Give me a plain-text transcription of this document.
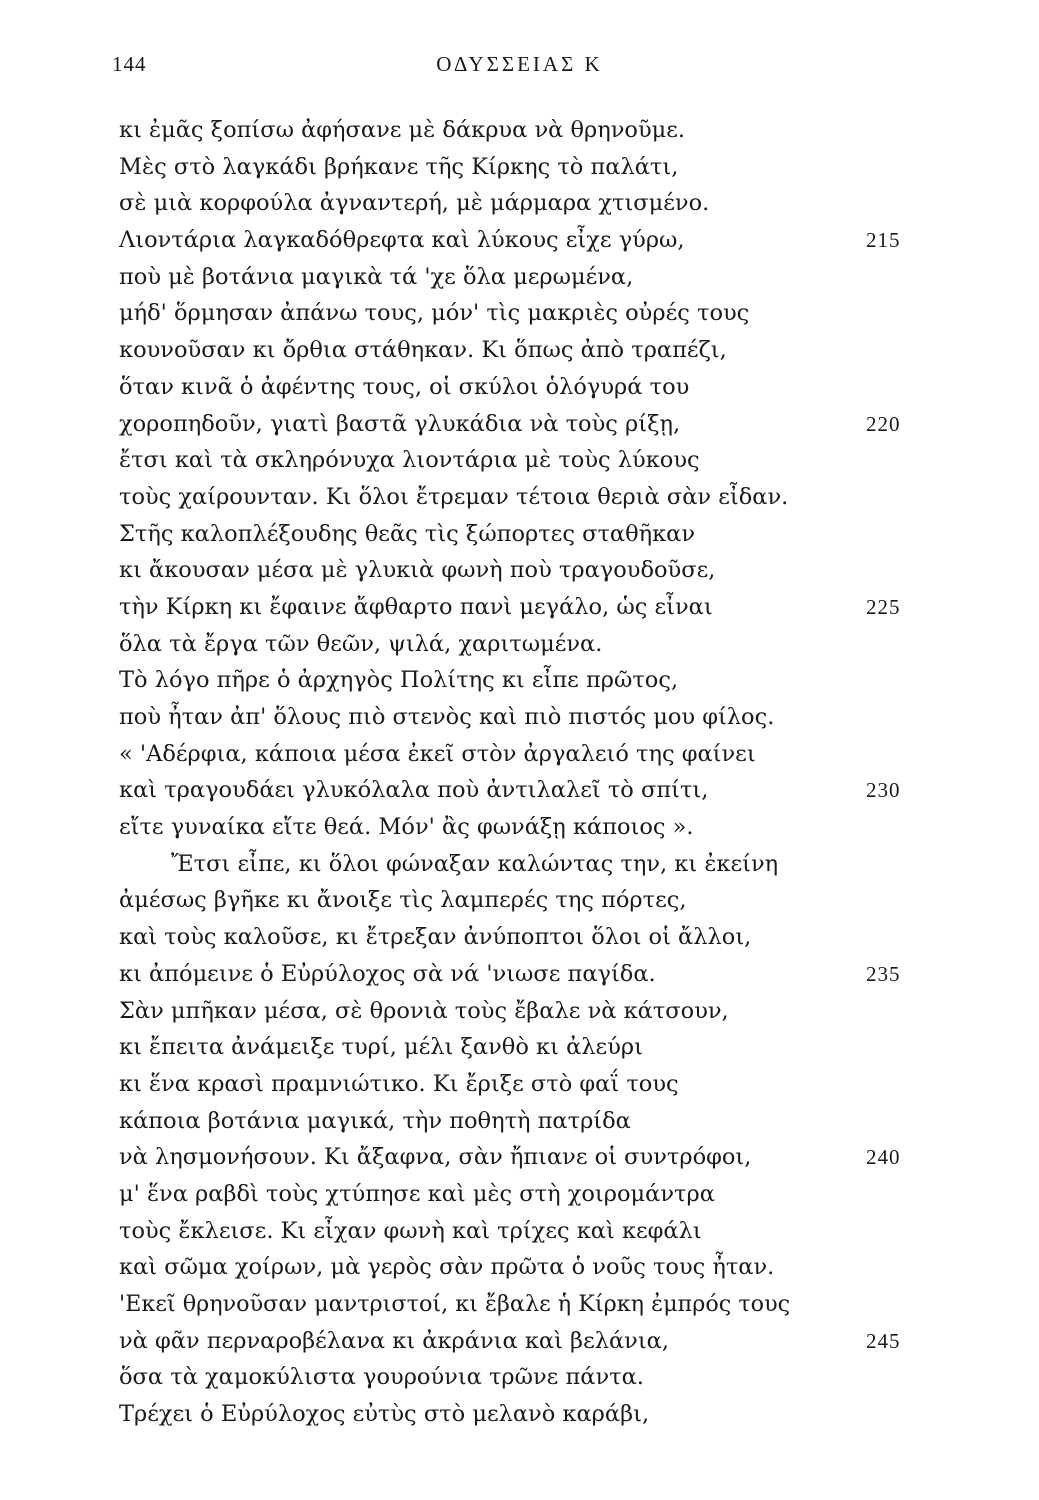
144	ΟΔΥΣΣΕΙΑΣ Κ
κι ἐμᾶς ξοπίσω ἀφήσανε μὲ δάκρυα νὰ θρηνοῦμε.
Μὲς στὸ λαγκάδι βρήκανε τῆς Κίρκης τὸ παλάτι,
σὲ μιὰ κορφούλα ἀγναντερή, μὲ μάρμαρα χτισμένο.
Λιοντάρια λαγκαδόθρεφτα καὶ λύκους εἶχε γύρω,	215
ποὺ μὲ βοτάνια μαγικὰ τά 'χε ὅλα μερωμένα,
μήδ' ὅρμησαν ἀπάνω τους, μόν' τὶς μακριὲς οὐρές τους
κουνοῦσαν κι ὄρθια στάθηκαν. Κι ὅπως ἀπὸ τραπέζι,
ὅταν κινᾶ ὁ ἀφέντης τους, οἱ σκύλοι ὁλόγυρά του
χοροπηδοῦν, γιατὶ βαστᾶ γλυκάδια νὰ τοὺς ρίξῃ,	220
ἔτσι καὶ τὰ σκληρόνυχα λιοντάρια μὲ τοὺς λύκους
τοὺς χαίρουνταν. Κι ὅλοι ἔτρεμαν τέτοια θεριὰ σὰν εἶδαν.
Στῆς καλοπλέξουδης θεᾶς τὶς ξώπορτες σταθῆκαν
κι ἄκουσαν μέσα μὲ γλυκιὰ φωνὴ ποὺ τραγουδοῦσε,
τὴν Κίρκη κι ἔφαινε ἄφθαρτο πανὶ μεγάλο, ὡς εἶναι	225
ὅλα τὰ ἔργα τῶν θεῶν, ψιλά, χαριτωμένα.
Τὸ λόγο πῆρε ὁ ἀρχηγὸς Πολίτης κι εἶπε πρῶτος,
ποὺ ἦταν ἀπ' ὅλους πιὸ στενὸς καὶ πιὸ πιστός μου φίλος.
« 'Αδέρφια, κάποια μέσα ἐκεῖ στὸν ἀργαλειό της φαίνει
καὶ τραγουδάει γλυκόλαλα ποὺ ἀντιλαλεῖ τὸ σπίτι,	230
εἴτε γυναίκα εἴτε θεά. Μόν' ἂς φωνάξῃ κάποιος ».
Ἔτσι εἶπε, κι ὅλοι φώναξαν καλώντας την, κι ἐκείνη
ἀμέσως βγῆκε κι ἄνοιξε τὶς λαμπερές της πόρτες,
καὶ τοὺς καλοῦσε, κι ἔτρεξαν ἀνύποπτοι ὅλοι οἱ ἄλλοι,
κι ἀπόμεινε ὁ Εὐρύλοχος σὰ νά 'νιωσε παγίδα.	235
Σὰν μπῆκαν μέσα, σὲ θρονιὰ τοὺς ἔβαλε νὰ κάτσουν,
κι ἔπειτα ἀνάμειξε τυρί, μέλι ξανθὸ κι ἀλεύρι
κι ἕνα κρασὶ πραμνιώτικο. Κι ἔριξε στὸ φαΐ τους
κάποια βοτάνια μαγικά, τὴν ποθητὴ πατρίδα
νὰ λησμονήσουν. Κι ἄξαφνα, σὰν ἤπιανε οἱ συντρόφοι,	240
μ' ἕνα ραβδὶ τοὺς χτύπησε καὶ μὲς στὴ χοιρομάντρα
τοὺς ἔκλεισε. Κι εἶχαν φωνὴ καὶ τρίχες καὶ κεφάλι
καὶ σῶμα χοίρων, μὰ γερὸς σὰν πρῶτα ὁ νοῦς τους ἦταν.
'Εκεῖ θρηνοῦσαν μαντριστοί, κι ἔβαλε ἡ Κίρκη ἐμπρός τους
νὰ φᾶν περναροβέλανα κι ἀκράνια καὶ βελάνια,	245
ὅσα τὰ χαμοκύλιστα γουρούνια τρῶνε πάντα.
Τρέχει ὁ Εὐρύλοχος εὐτὺς στὸ μελανὸ καράβι,
